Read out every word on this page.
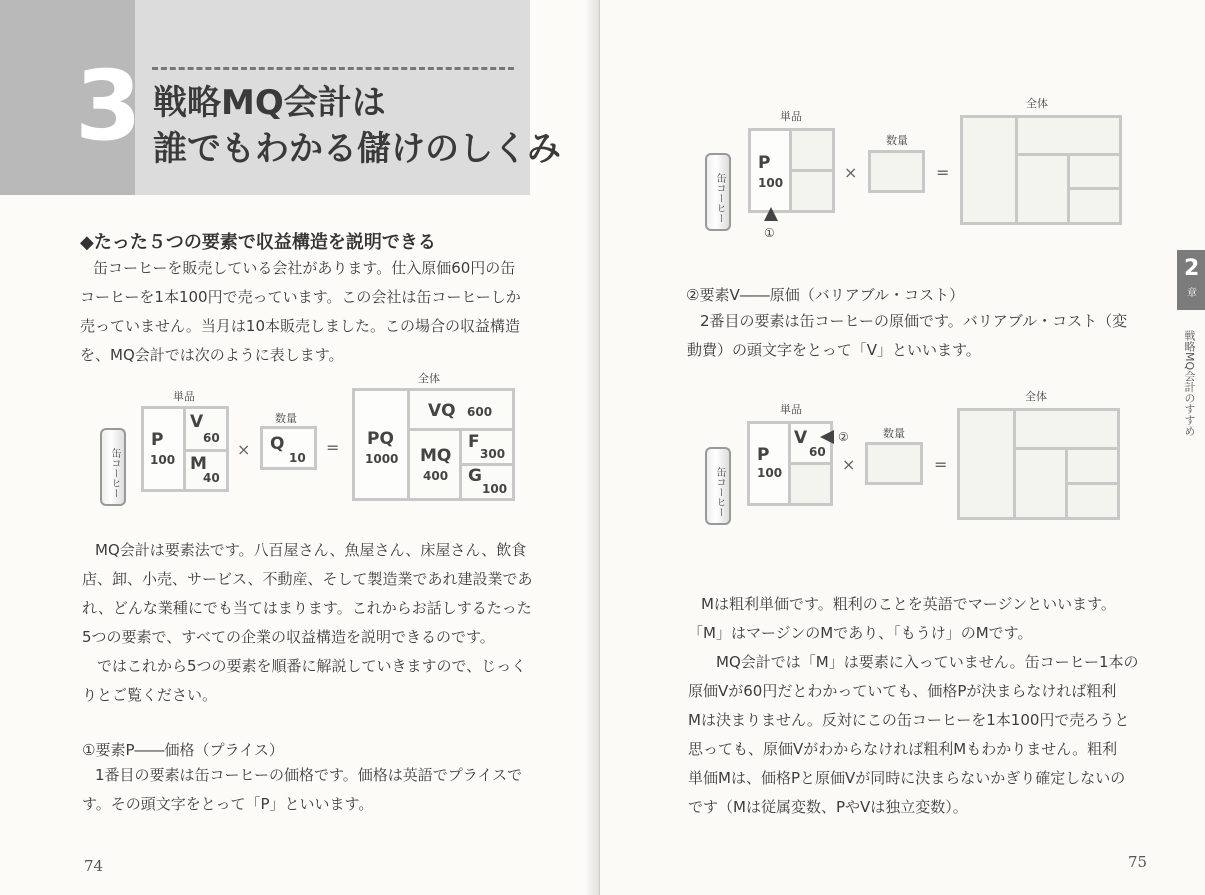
3 戦略MQ会計は
誰でもわかる儲けのしくみ
◆たった５つの要素で収益構造を説明できる
缶コーヒーを販売している会社があります。仕入原価60円の缶
コーヒーを1本100円で売っています。この会社は缶コーヒーしか
売っていません。当月は10本販売しました。この場合の収益構造
を、MQ会計では次のように表します。
缶コーヒー
単品
P
100
V
60
M
40
×
数量
Q
10
=
全体
PQ
1000
VQ 600
MQ
400
F
300
G
100
MQ会計は要素法です。八百屋さん、魚屋さん、床屋さん、飲食
店、卸、小売、サービス、不動産、そして製造業であれ建設業であ
れ、どんな業種にでも当てはまります。これからお話しするたった
5つの要素で、すべての企業の収益構造を説明できるのです。
　ではこれから5つの要素を順番に解説していきますので、じっく
りとご覧ください。
①要素P――価格（プライス）
1番目の要素は缶コーヒーの価格です。価格は英語でプライスで
す。その頭文字をとって「P」といいます。
74
缶コーヒー
単品
P
100
①
×
数量
=
全体
②要素V――原価（バリアブル・コスト）
2番目の要素は缶コーヒーの原価です。バリアブル・コスト（変
動費）の頭文字をとって「V」といいます。
缶コーヒー
単品
P
100
V
60
②
×
数量
=
全体
Mは粗利単価です。粗利のことを英語でマージンといいます。
「M」はマージンのMであり、「もうけ」のMです。
　MQ会計では「M」は要素に入っていません。缶コーヒー1本の
原価Vが60円だとわかっていても、価格Pが決まらなければ粗利
Mは決まりません。反対にこの缶コーヒーを1本100円で売ろうと
思っても、原価Vがわからなければ粗利Mもわかりません。粗利
単価Mは、価格Pと原価Vが同時に決まらないかぎり確定しないの
です（Mは従属変数、PやVは独立変数）。
75
2
章
戦略MQ会計のすすめ
